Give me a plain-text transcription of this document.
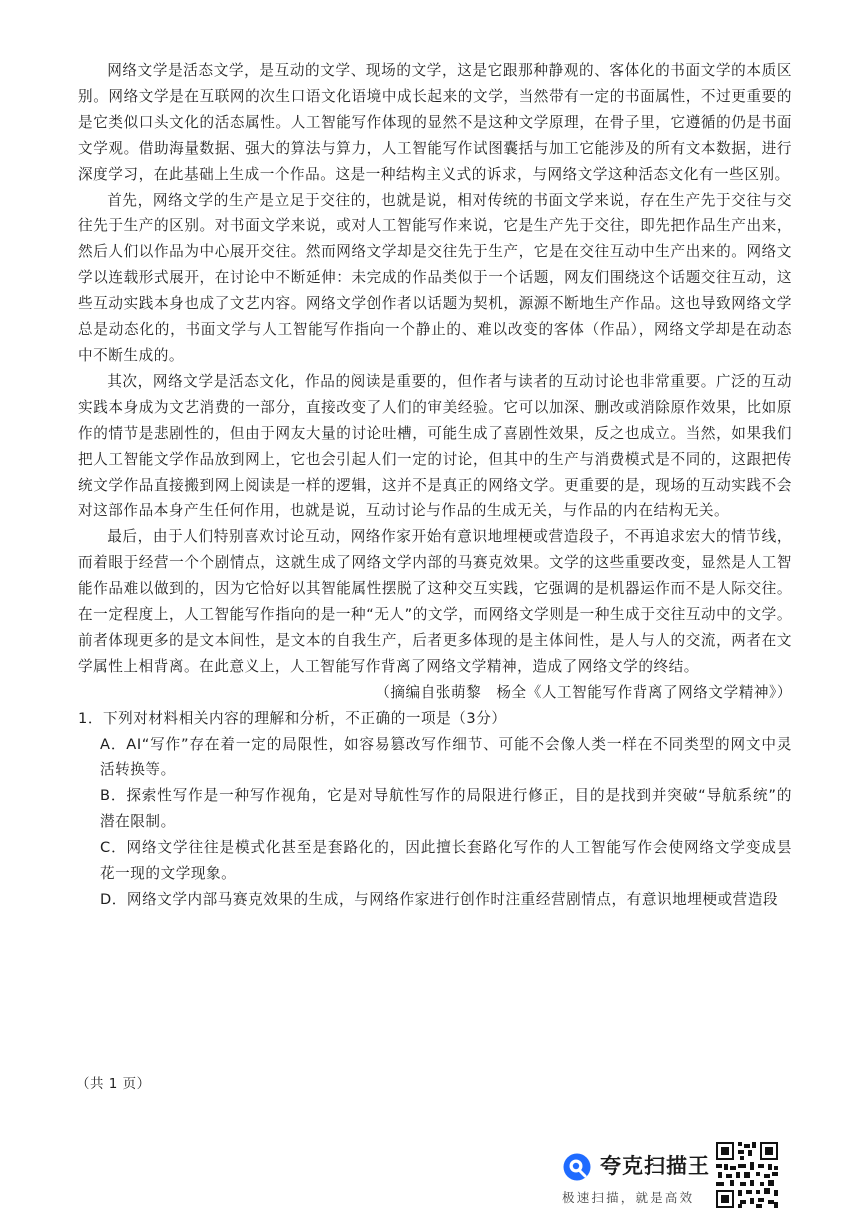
网络文学是活态文学，是互动的文学、现场的文学，这是它跟那种静观的、客体化的书面文学的本质区别。网络文学是在互联网的次生口语文化语境中成长起来的文学，当然带有一定的书面属性，不过更重要的是它类似口头文化的活态属性。人工智能写作体现的显然不是这种文学原理，在骨子里，它遵循的仍是书面文学观。借助海量数据、强大的算法与算力，人工智能写作试图囊括与加工它能涉及的所有文本数据，进行深度学习，在此基础上生成一个作品。这是一种结构主义式的诉求，与网络文学这种活态文化有一些区别。

首先，网络文学的生产是立足于交往的，也就是说，相对传统的书面文学来说，存在生产先于交往与交往先于生产的区别。对书面文学来说，或对人工智能写作来说，它是生产先于交往，即先把作品生产出来，然后人们以作品为中心展开交往。然而网络文学却是交往先于生产，它是在交往互动中生产出来的。网络文学以连载形式展开，在讨论中不断延伸：未完成的作品类似于一个话题，网友们围绕这个话题交往互动，这些互动实践本身也成了文艺内容。网络文学创作者以话题为契机，源源不断地生产作品。这也导致网络文学总是动态化的，书面文学与人工智能写作指向一个静止的、难以改变的客体（作品），网络文学却是在动态中不断生成的。

其次，网络文学是活态文化，作品的阅读是重要的，但作者与读者的互动讨论也非常重要。广泛的互动实践本身成为文艺消费的一部分，直接改变了人们的审美经验。它可以加深、删改或消除原作效果，比如原作的情节是悲剧性的，但由于网友大量的讨论吐槽，可能生成了喜剧性效果，反之也成立。当然，如果我们把人工智能文学作品放到网上，它也会引起人们一定的讨论，但其中的生产与消费模式是不同的，这跟把传统文学作品直接搬到网上阅读是一样的逻辑，这并不是真正的网络文学。更重要的是，现场的互动实践不会对这部作品本身产生任何作用，也就是说，互动讨论与作品的生成无关，与作品的内在结构无关。

最后，由于人们特别喜欢讨论互动，网络作家开始有意识地埋梗或营造段子，不再追求宏大的情节线，而着眼于经营一个个剧情点，这就生成了网络文学内部的马赛克效果。文学的这些重要改变，显然是人工智能作品难以做到的，因为它恰好以其智能属性摆脱了这种交互实践，它强调的是机器运作而不是人际交往。在一定程度上，人工智能写作指向的是一种“无人”的文学，而网络文学则是一种生成于交往互动中的文学。前者体现更多的是文本间性，是文本的自我生产，后者更多体现的是主体间性，是人与人的交流，两者在文学属性上相背离。在此意义上，人工智能写作背离了网络文学精神，造成了网络文学的终结。

（摘编自张萌黎　杨全《人工智能写作背离了网络文学精神》）

1．下列对材料相关内容的理解和分析，不正确的一项是（3分）

A．AI“写作”存在着一定的局限性，如容易篡改写作细节、可能不会像人类一样在不同类型的网文中灵活转换等。

B．探索性写作是一种写作视角，它是对导航性写作的局限进行修正，目的是找到并突破“导航系统”的潜在限制。

C．网络文学往往是模式化甚至是套路化的，因此擅长套路化写作的人工智能写作会使网络文学变成昙花一现的文学现象。

D．网络文学内部马赛克效果的生成，与网络作家进行创作时注重经营剧情点，有意识地埋梗或营造段

（共 1 页）
夸克扫描王
极速扫描，就是高效
